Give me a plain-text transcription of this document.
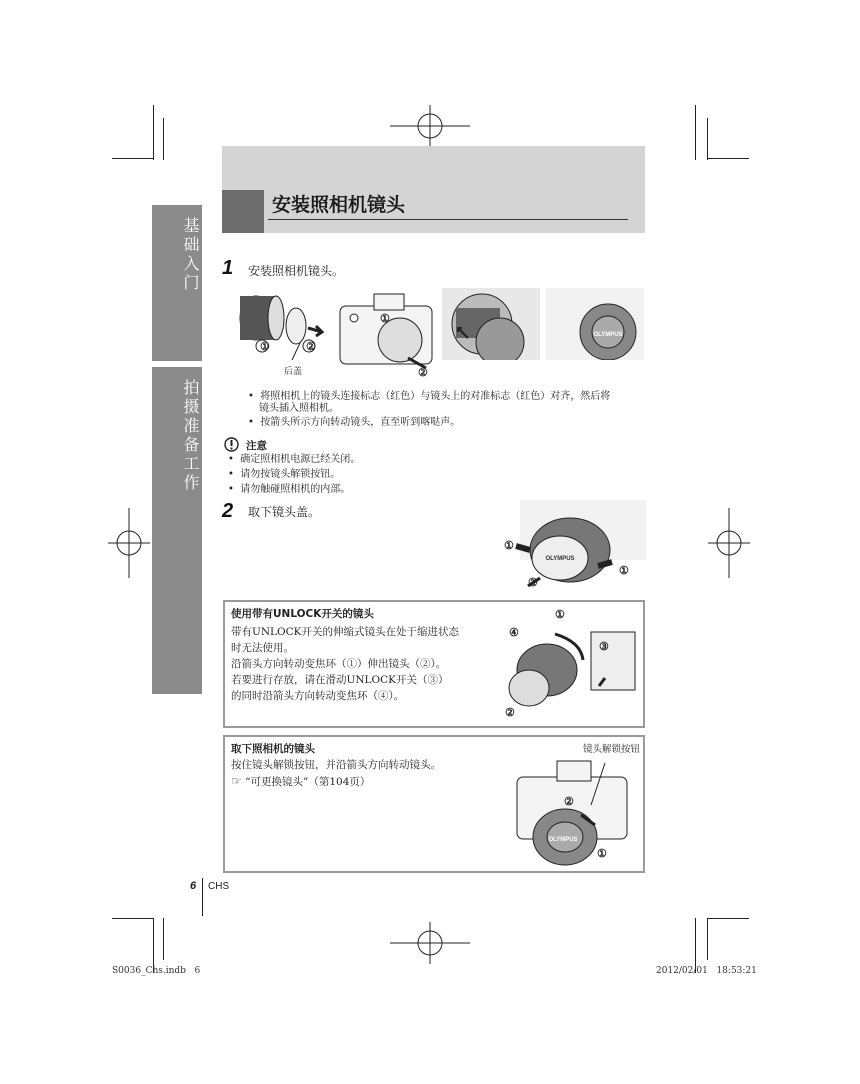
基础入门
拍摄准备工作
安装照相机镜头
1 安装照相机镜头。
①	②
后盖
①
②
OLYMPUS
•  将照相机上的镜头连接标志（红色）与镜头上的对准标志（红色）对齐，然后将
镜头插入照相机。
•  按箭头所示方向转动镜头，直至听到喀哒声。
注意
•  确定照相机电源已经关闭。
•  请勿按镜头解锁按钮。
•  请勿触碰照相机的内部。
2 取下镜头盖。
OLYMPUS
①
①
②
使用带有UNLOCK开关的镜头
带有UNLOCK开关的伸缩式镜头在处于缩进状态
时无法使用。
沿箭头方向转动变焦环（①）伸出镜头（②）。
若要进行存放，请在滑动UNLOCK开关（③）
的同时沿箭头方向转动变焦环（④）。
①
④
③
②
取下照相机的镜头	镜头解锁按钮
按住镜头解锁按钮，并沿箭头方向转动镜头。
☞ “可更换镜头”（第104页）
OLYMPUS
②
①
6 CHS
S0036_Chs.indb   6	2012/02/01   18:53:21
